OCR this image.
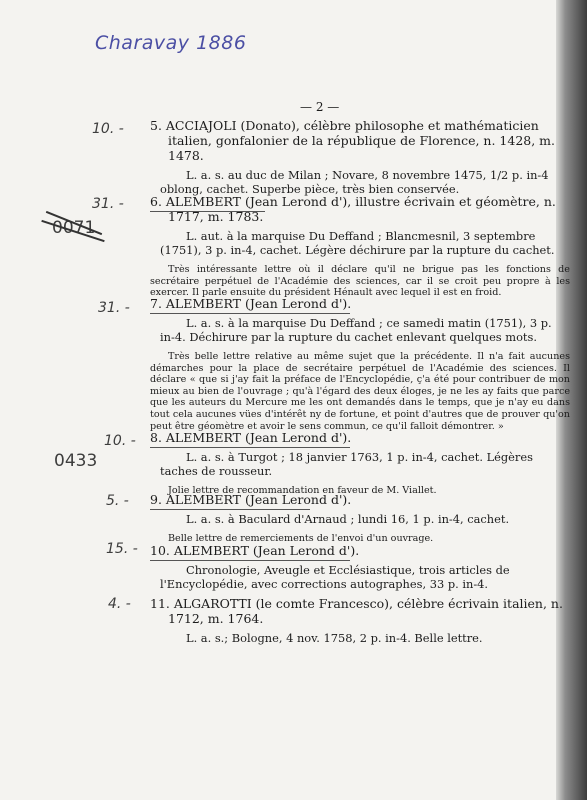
Charavay 1886
— 2 —
10. -
31. -
31. -
10. -
5. -
15. -
4. -
0071
0433

5. ACCIAJOLI (Donato), célèbre philosophe et mathématicien italien, gonfalonier de la république de Florence, n. 1428, m. 1478.

L. a. s. au duc de Milan ; Novare, 8 novembre 1475, 1/2 p. in-4 oblong, cachet. Superbe pièce, très bien conservée.

6. ALEMBERT (Jean Lerond d'), illustre écrivain et géomètre, n. 1717, m. 1783.

L. aut. à la marquise Du Deffand ; Blancmesnil, 3 septembre (1751), 3 p. in-4, cachet. Légère déchirure par la rupture du cachet.

Très intéressante lettre où il déclare qu'il ne brigue pas les fonctions de secrétaire perpétuel de l'Académie des sciences, car il se croit peu propre à les exercer. Il parle ensuite du président Hénault avec lequel il est en froid.

7. ALEMBERT (Jean Lerond d').

L. a. s. à la marquise Du Deffand ; ce samedi matin (1751), 3 p. in-4. Déchirure par la rupture du cachet enlevant quelques mots.

Très belle lettre relative au même sujet que la précédente. Il n'a fait aucunes démarches pour la place de secrétaire perpétuel de l'Académie des sciences. Il déclare « que si j'ay fait la préface de l'Encyclopédie, ç'a été pour contribuer de mon mieux au bien de l'ouvrage ; qu'à l'égard des deux éloges, je ne les ay faits que parce que les auteurs du Mercure me les ont demandés dans le temps, que je n'ay eu dans tout cela aucunes vües d'intérêt ny de fortune, et point d'autres que de prouver qu'on peut être géomètre et avoir le sens commun, ce qu'il falloit démontrer. »

8. ALEMBERT (Jean Lerond d').

L. a. s. à Turgot ; 18 janvier 1763, 1 p. in-4, cachet. Légères taches de rousseur.

Jolie lettre de recommandation en faveur de M. Viallet.

9. ALEMBERT (Jean Lerond d').

L. a. s. à Baculard d'Arnaud ; lundi 16, 1 p. in-4, cachet.

Belle lettre de remerciements de l'envoi d'un ouvrage.

10. ALEMBERT (Jean Lerond d').

Chronologie, Aveugle et Ecclésiastique, trois articles de l'Encyclopédie, avec corrections autographes, 33 p. in-4.

11. ALGAROTTI (le comte Francesco), célèbre écrivain italien, n. 1712, m. 1764.

L. a. s.; Bologne, 4 nov. 1758, 2 p. in-4. Belle lettre.
